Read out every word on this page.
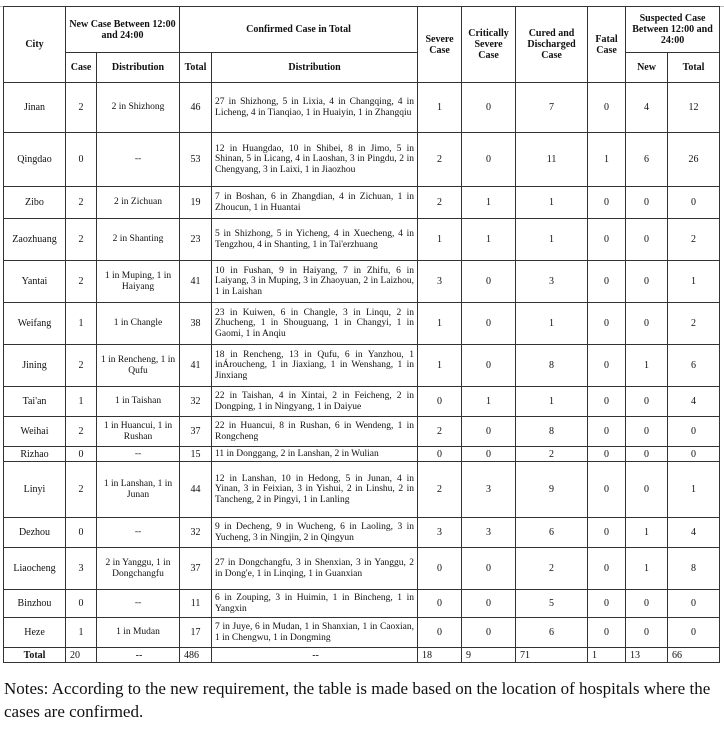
City	New Case Between 12:00 and 24:00		Confirmed Case in Total		Severe Case	Critically Severe Case	Cured and Discharged Case	Fatal Case	Suspected Case Between 12:00 and 24:00	
	Case	Distribution	Total	Distribution					New	Total
Jinan	2	2 in Shizhong	46	27 in Shizhong, 5 in Lixia, 4 in Changqing, 4 in Licheng, 4 in Tianqiao, 1 in Huaiyin, 1 in Zhangqiu	1	0	7	0	4	12
Qingdao	0	--	53	12 in Huangdao, 10 in Shibei, 8 in Jimo, 5 in Shinan, 5 in Licang, 4 in Laoshan, 3 in Pingdu, 2 in Chengyang, 3 in Laixi, 1 in Jiaozhou	2	0	11	1	6	26
Zibo	2	2 in Zichuan	19	7 in Boshan, 6 in Zhangdian, 4 in Zichuan, 1 in Zhoucun, 1 in Huantai	2	1	1	0	0	0
Zaozhuang	2	2 in Shanting	23	5 in Shizhong, 5 in Yicheng, 4 in Xuecheng, 4 in Tengzhou, 4 in Shanting, 1 in Tai'erzhuang	1	1	1	0	0	2
Yantai	2	1 in Muping, 1 in Haiyang	41	10 in Fushan, 9 in Haiyang, 7 in Zhifu, 6 in Laiyang, 3 in Muping, 3 in Zhaoyuan, 2 in Laizhou, 1 in Laishan	3	0	3	0	0	1
Weifang	1	1 in Changle	38	23 in Kuiwen, 6 in Changle, 3 in Linqu, 2 in Zhucheng, 1 in Shouguang, 1 in Changyi, 1 in Gaomi, 1 in Anqiu	1	0	1	0	0	2
Jining	2	1 in Rencheng, 1 in Qufu	41	18 in Rencheng, 13 in Qufu, 6 in Yanzhou, 1 inÁroucheng, 1 in Jiaxiang, 1 in Wenshang, 1 in Jinxiang	1	0	8	0	1	6
Tai'an	1	1 in Taishan	32	22 in Taishan, 4 in Xintai, 2 in Feicheng, 2 in Dongping, 1 in Ningyang, 1 in Daiyue	0	1	1	0	0	4
Weihai	2	1 in Huancui, 1 in Rushan	37	22 in Huancui, 8 in Rushan, 6 in Wendeng, 1 in Rongcheng	2	0	8	0	0	0
Rizhao	0	--	15	11 in Donggang, 2 in Lanshan, 2 in Wulian	0	0	2	0	0	0
Linyi	2	1 in Lanshan, 1 in Junan	44	12 in Lanshan, 10 in Hedong, 5 in Junan, 4 in Yinan, 3 in Feixian, 3 in Yishui, 2 in Linshu, 2 in Tancheng, 2 in Pingyi, 1 in Lanling	2	3	9	0	0	1
Dezhou	0	--	32	9 in Decheng, 9 in Wucheng, 6 in Laoling, 3 in Yucheng, 3 in Ningjin, 2 in Qingyun	3	3	6	0	1	4
Liaocheng	3	2 in Yanggu, 1 in Dongchangfu	37	27 in Dongchangfu, 3 in Shenxian, 3 in Yanggu, 2 in Dong'e, 1 in Linqing, 1 in Guanxian	0	0	2	0	1	8
Binzhou	0	--	11	6 in Zouping, 3 in Huimin, 1 in Bincheng, 1 in Yangxin	0	0	5	0	0	0
Heze	1	1 in Mudan	17	7 in Juye, 6 in Mudan, 1 in Shanxian, 1 in Caoxian, 1 in Chengwu, 1 in Dongming	0	0	6	0	0	0
Total	20	--	486	--	18	9	71	1	13	66
Notes: According to the new requirement, the table is made based on the location of hospitals where the cases are confirmed.
